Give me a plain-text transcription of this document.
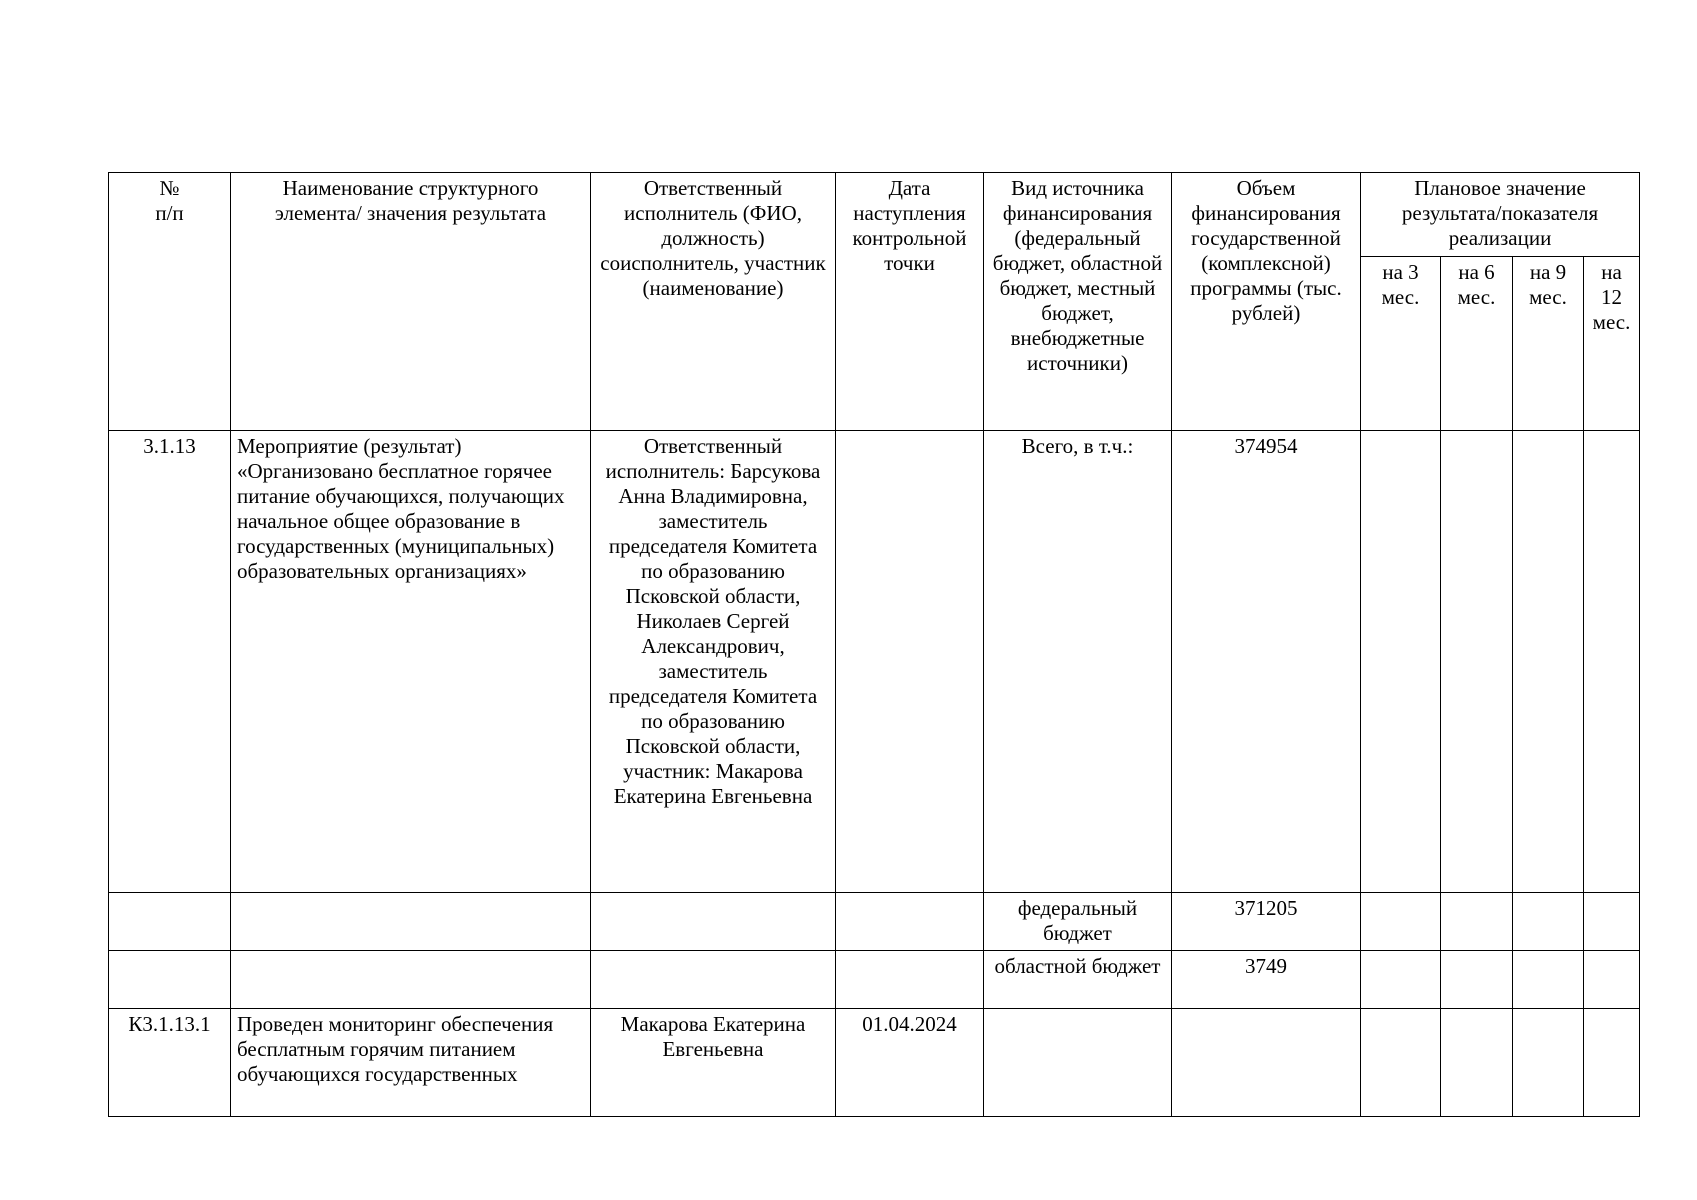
№
п/п	Наименование структурного элемента/ значения результата	Ответственный исполнитель (ФИО, должность) соисполнитель, участник (наименование)	Дата наступления контрольной точки	Вид источника финансирования (федеральный бюджет, областной бюджет, местный бюджет, внебюджетные источники)	Объем финансирования государственной (комплексной) программы (тыс. рублей)	Плановое значение результата/показателя реализации			
						на 3 мес.	на 6 мес.	на 9 мес.	на 12 мес.
3.1.13	Мероприятие (результат) «Организовано бесплатное горячее питание обучающихся, получающих начальное общее образование в государственных (муниципальных) образовательных организациях»	Ответственный исполнитель: Барсукова Анна Владимировна, заместитель председателя Комитета по образованию Псковской области, Николаев Сергей Александрович, заместитель председателя Комитета по образованию Псковской области, участник: Макарова Екатерина Евгеньевна		Всего, в т.ч.:	374954				
				федеральный бюджет	371205				
				областной бюджет	3749				
К3.1.13.1	Проведен мониторинг обеспечения бесплатным горячим питанием обучающихся государственных	Макарова Екатерина Евгеньевна	01.04.2024						
